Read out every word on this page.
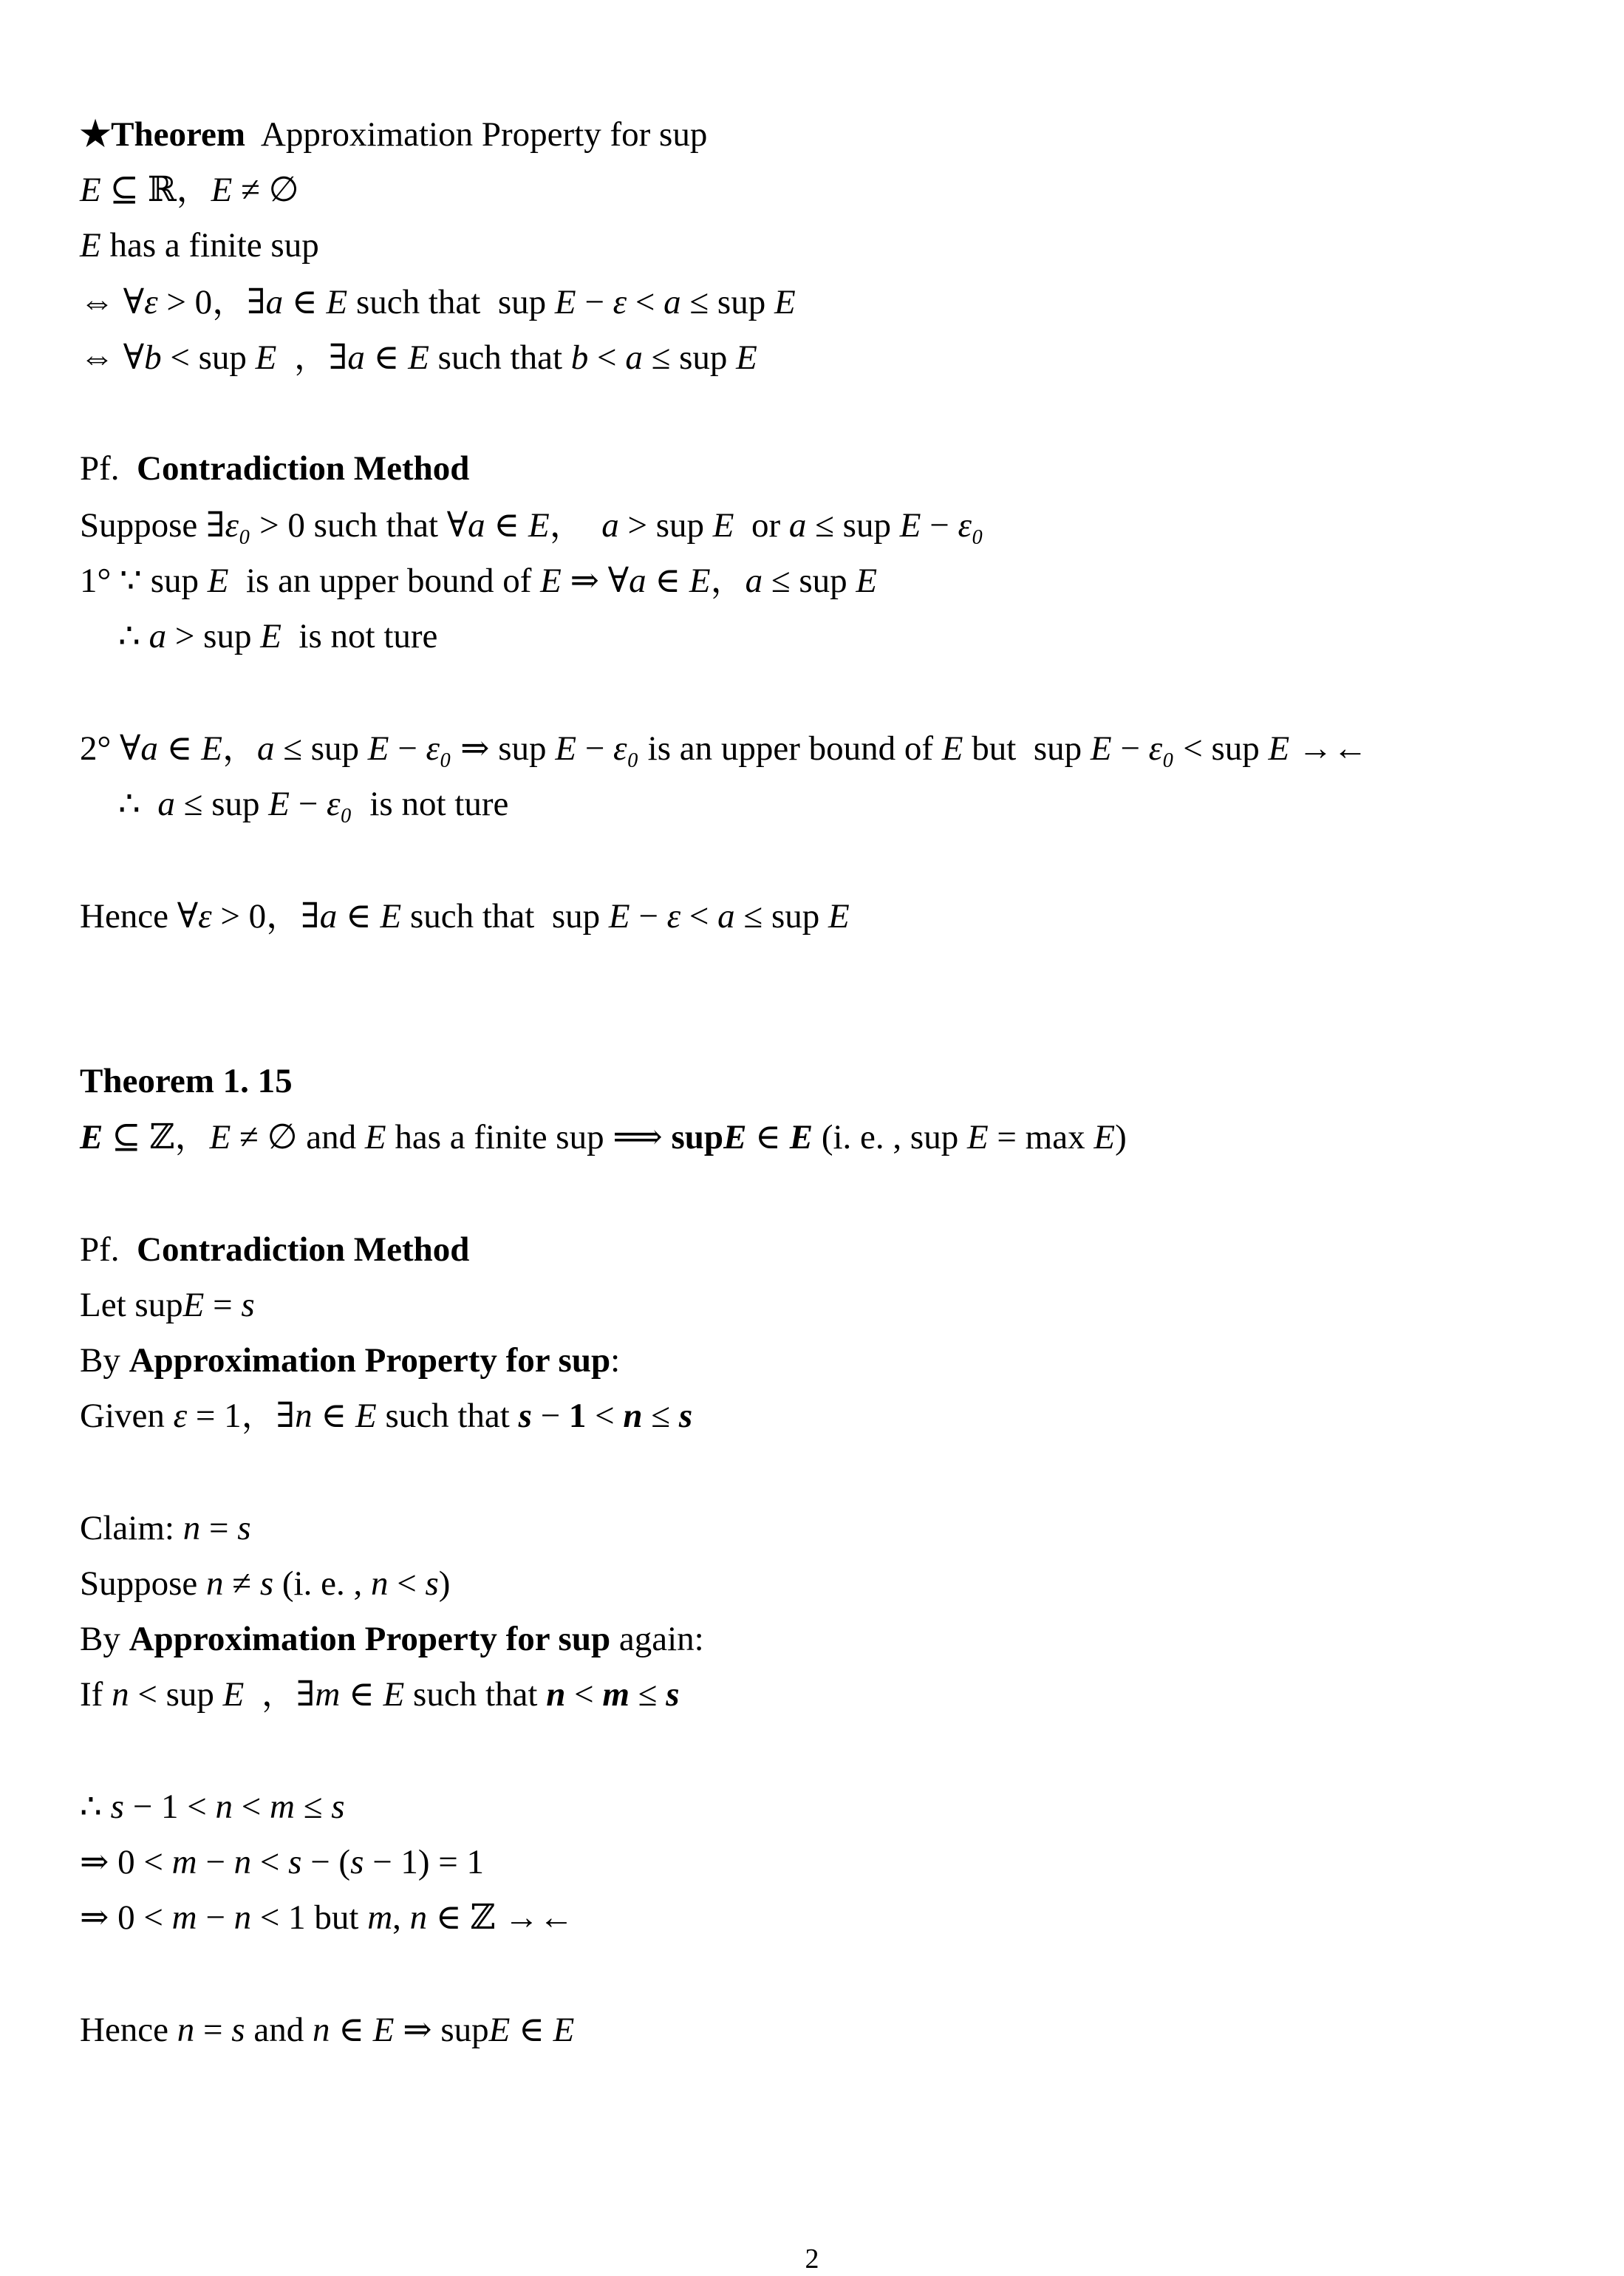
★Theorem  Approximation Property for sup
E ⊆ ℝ，E ≠ ∅
E has a finite sup
⇔ ∀ε > 0，∃a ∈ E such that  sup E − ε < a ≤ sup E
⇔ ∀b < sup E  ，∃a ∈ E such that b < a ≤ sup E
Pf.  Contradiction Method
Suppose ∃ε₀ > 0 such that ∀a ∈ E，  a > sup E  or a ≤ sup E − ε₀
1° ∵ sup E  is an upper bound of E ⇒ ∀a ∈ E，a ≤ sup E
∴ a > sup E  is not ture
2° ∀a ∈ E，a ≤ sup E − ε₀ ⇒ sup E − ε₀ is an upper bound of E but  sup E − ε₀ < sup E →←
∴  a ≤ sup E − ε₀  is not ture
Hence ∀ε > 0，∃a ∈ E such that  sup E − ε < a ≤ sup E
Theorem 1. 15
E ⊆ ℤ，E ≠ ∅ and E has a finite sup ⟹ supE ∈ E (i. e. , sup E = max E)
Pf.  Contradiction Method
Let supE = s
By Approximation Property for sup:
Given ε = 1，∃n ∈ E such that s − 1 < n ≤ s
Claim: n = s
Suppose n ≠ s (i. e. , n < s)
By Approximation Property for sup again:
If n < sup E  ，∃m ∈ E such that n < m ≤ s
∴ s − 1 < n < m ≤ s
⇒ 0 < m − n < s − (s − 1) = 1
⇒ 0 < m − n < 1 but m, n ∈ ℤ →←
Hence n = s and n ∈ E ⇒ supE ∈ E
2
